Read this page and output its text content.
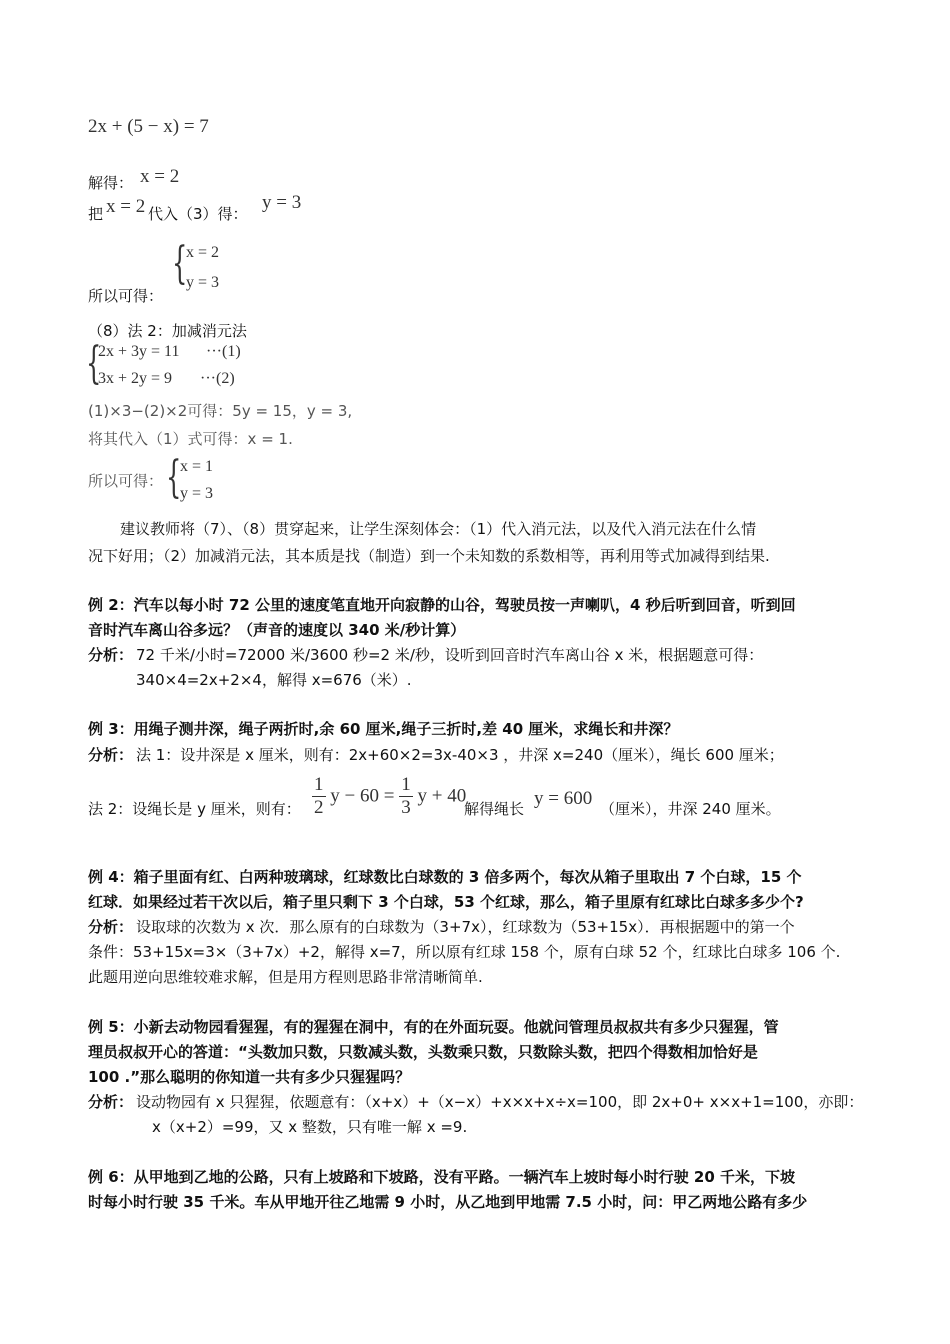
2x + (5 − x) = 7
解得： x = 2
把 x = 2 代入（3）得：
y = 3
所以可得：
{
x = 2
y = 3
（8）法 2：加减消元法
{
2x + 3y = 11 ···(1)
3x + 2y = 9 ···(2)
(1)×3−(2)×2可得：5y = 15，y = 3,
将其代入（1）式可得：x = 1.
所以可得： {
x = 1
y = 3
建议教师将（7）、（8）贯穿起来，让学生深刻体会：（1）代入消元法，以及代入消元法在什么情
况下好用；（2）加减消元法，其本质是找（制造）到一个未知数的系数相等，再利用等式加减得到结果.
例 2：汽车以每小时 72 公里的速度笔直地开向寂静的山谷，驾驶员按一声喇叭，4 秒后听到回音，听到回
音时汽车离山谷多远？（声音的速度以 340 米/秒计算）
分析： 72 千米/小时=72000 米/3600 秒=2 米/秒，设听到回音时汽车离山谷 x 米，根据题意可得：
340×4=2x+2×4，解得 x=676（米）.
例 3：用绳子测井深，绳子两折时,余 60 厘米,绳子三折时,差 40 厘米，求绳长和井深？
分析： 法 1：设井深是 x 厘米，则有：2x+60×2=3x-40×3 ，井深 x=240（厘米），绳长 600 厘米；
法 2：设绳长是 y 厘米，则有： $\frac{1}{2}$ $y - 60 = \frac{1}{3}$ y + 40
解得绳长 y = 600 （厘米），井深 240 厘米。
例 4：箱子里面有红、白两种玻璃球，红球数比白球数的 3 倍多两个，每次从箱子里取出 7 个白球，15 个
红球．如果经过若干次以后，箱子里只剩下 3 个白球，53 个红球，那么，箱子里原有红球比白球多多少个?
分析： 设取球的次数为 x 次．那么原有的白球数为（3+7x），红球数为（53+15x）．再根据题中的第一个
条件：53+15x=3×（3+7x）+2，解得 x=7，所以原有红球 158 个，原有白球 52 个，红球比白球多 106 个.
此题用逆向思维较难求解，但是用方程则思路非常清晰简单.
例 5：小新去动物园看猩猩，有的猩猩在洞中，有的在外面玩耍。他就问管理员叔叔共有多少只猩猩，管
理员叔叔开心的答道：“头数加只数，只数减头数，头数乘只数，只数除头数，把四个得数相加恰好是
100 .”那么聪明的你知道一共有多少只猩猩吗？
分析： 设动物园有 x 只猩猩，依题意有：（x+x）+（x−x）+x×x+x÷x=100，即 2x+0+ x×x+1=100，亦即：
x（x+2）=99，又 x 整数，只有唯一解 x =9.
例 6：从甲地到乙地的公路，只有上坡路和下坡路，没有平路。一辆汽车上坡时每小时行驶 20 千米，下坡
时每小时行驶 35 千米。车从甲地开往乙地需 9 小时，从乙地到甲地需 7.5 小时，问：甲乙两地公路有多少
